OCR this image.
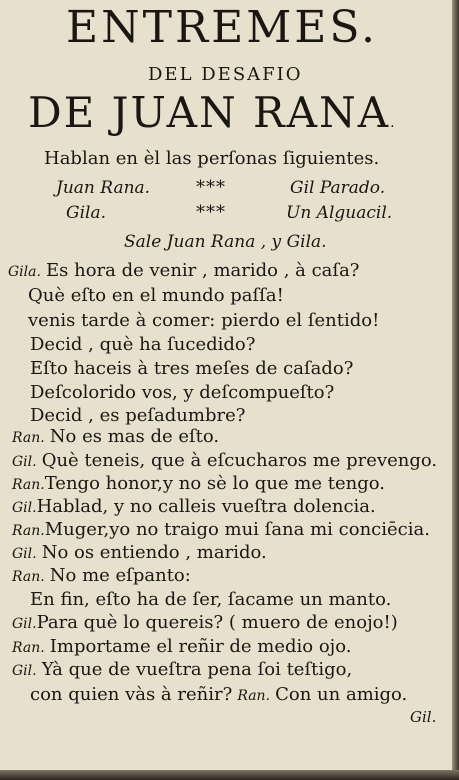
ENTREMES.
DEL DESAFIO
DE JUAN RANA.
Hablan en èl las perſonas ſiguientes.
Juan Rana.	***	Gil Parado.
Gila.	***	Un Alguacil.
Sale Juan Rana , y Gila.
Gila. Es hora de venir , marido , à caſa?
Què eſto en el mundo paſſa!
venis tarde à comer: pierdo el ſentido!
Decid , què ha ſucedido?
Eſto haceis à tres meſes de caſado?
Deſcolorido vos, y deſcompueſto?
Decid , es peſadumbre?
Ran. No es mas de eſto.
Gil. Què teneis, que à eſcucharos me prevengo.
Ran.Tengo honor,y no sè lo que me tengo.
Gil.Hablad, y no calleis vueſtra dolencia.
Ran.Muger,yo no traigo mui ſana mi conciēcia.
Gil. No os entiendo , marido.
Ran. No me eſpanto:
En fin, eſto ha de ſer, ſacame un manto.
Gil.Para què lo quereis? ( muero de enojo!)
Ran. Importame el reñir de medio ojo.
Gil. Yà que de vueſtra pena ſoi teſtigo,
con quien vàs à reñir? Ran. Con un amigo.
Gil.
